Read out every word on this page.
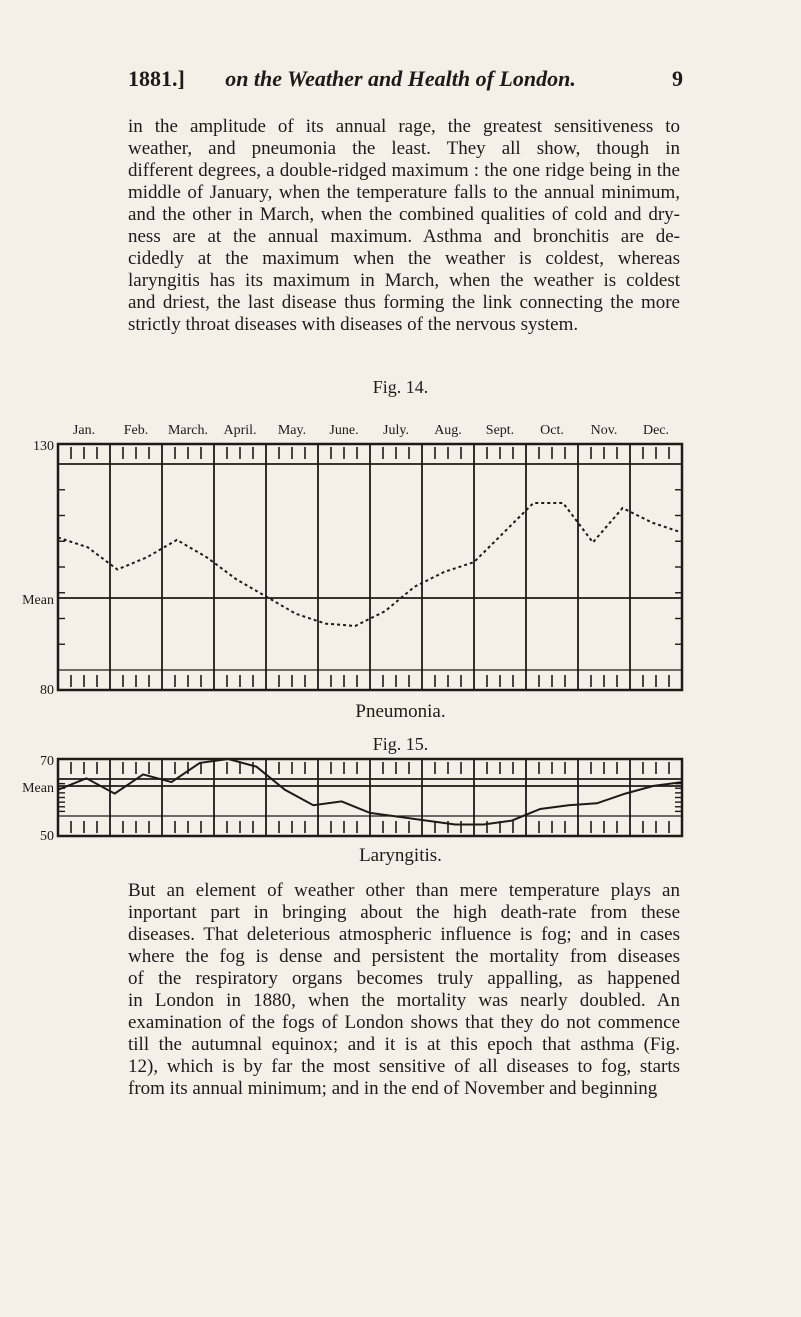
1881.]	on the Weather and Health of London.	9
in the amplitude of its annual rage, the greatest sensitiveness to
weather, and pneumonia the least. They all show, though in
different degrees, a double-ridged maximum : the one ridge being in the
middle of January, when the temperature falls to the annual minimum,
and the other in March, when the combined qualities of cold and dry-
ness are at the annual maximum. Asthma and bronchitis are de-
cidedly at the maximum when the weather is coldest, whereas
laryngitis has its maximum in March, when the weather is coldest
and driest, the last disease thus forming the link connecting the more
strictly throat diseases with diseases of the nervous system.
Fig. 14.
Jan. Feb. March. April. May. June. July. Aug. Sept. Oct. Nov. Dec.
130
Mean
80
Pneumonia.
Fig. 15.
70
Mean
50
Laryngitis.
But an element of weather other than mere temperature plays an
inportant part in bringing about the high death-rate from these
diseases. That deleterious atmospheric influence is fog; and in cases
where the fog is dense and persistent the mortality from diseases
of the respiratory organs becomes truly appalling, as happened
in London in 1880, when the mortality was nearly doubled. An
examination of the fogs of London shows that they do not commence
till the autumnal equinox; and it is at this epoch that asthma (Fig.
12), which is by far the most sensitive of all diseases to fog, starts
from its annual minimum; and in the end of November and beginning
